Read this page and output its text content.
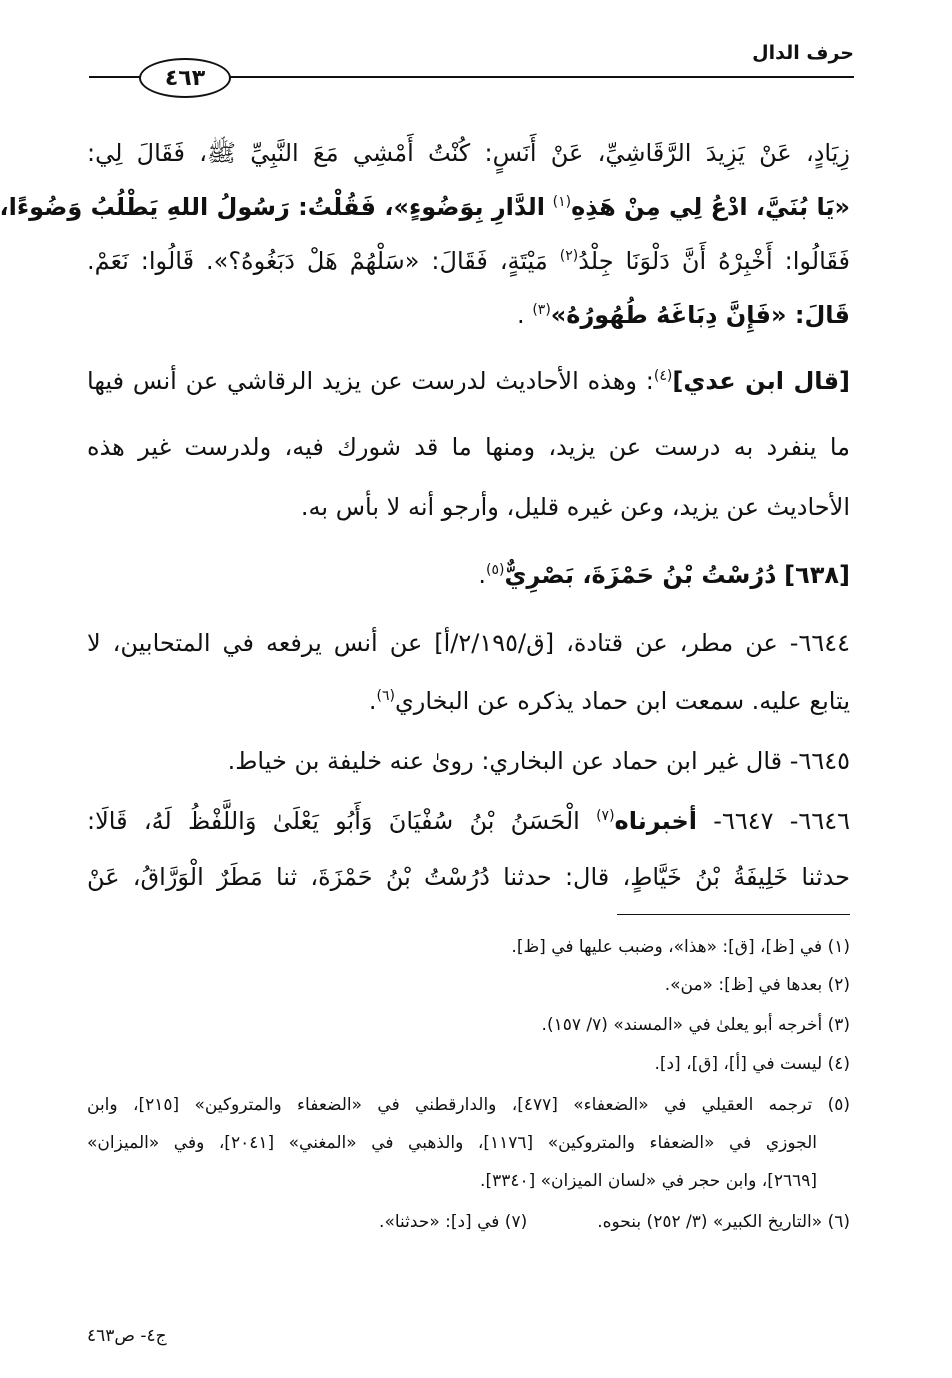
حرف الدال
٤٦٣
زِيَادٍ، عَنْ يَزِيدَ الرَّقَاشِيِّ، عَنْ أَنَسٍ: كُنْتُ أَمْشِي مَعَ النَّبِيِّ ﷺ، فَقَالَ لِي:
«يَا بُنَيَّ، ادْعُ لِي مِنْ هَذِهِ$^{(١)}$ الدَّارِ بِوَضُوءٍ»، فَقُلْتُ: رَسُولُ اللهِ يَطْلُبُ وَضُوءًا،
فَقَالُوا: أَخْبِرْهُ أَنَّ دَلْوَنَا جِلْدُ$^{(٢)}$ مَيْتَةٍ، فَقَالَ: «سَلْهُمْ هَلْ دَبَغُوهُ؟». قَالُوا: نَعَمْ.
قَالَ: «فَإِنَّ دِبَاغَهُ طُهُورُهُ»$^{(٣)}$ .
[قال ابن عدي]$^{(٤)}$: وهذه الأحاديث لدرست عن يزيد الرقاشي عن أنس فيها
ما ينفرد به درست عن يزيد، ومنها ما قد شورك فيه، ولدرست غير هذه
الأحاديث عن يزيد، وعن غيره قليل، وأرجو أنه لا بأس به.
[٦٣٨] دُرُسْتُ بْنُ حَمْزَةَ، بَصْرِيٌّ$^{(٥)}$.
٦٦٤٤- عن مطر، عن قتادة، [ق/٢/١٩٥/أ] عن أنس يرفعه في المتحابين، لا
يتابع عليه. سمعت ابن حماد يذكره عن البخاري$^{(٦)}$.
٦٦٤٥- قال غير ابن حماد عن البخاري: روىٰ عنه خليفة بن خياط.
٦٦٤٦- ٦٦٤٧- أخبرناه$^{(٧)}$ الْحَسَنُ بْنُ سُفْيَانَ وَأَبُو يَعْلَىٰ وَاللَّفْظُ لَهُ، قَالَا:
حدثنا خَلِيفَةُ بْنُ خَيَّاطٍ، قال: حدثنا دُرُسْتُ بْنُ حَمْزَةَ، ثنا مَطَرٌ الْوَرَّاقُ، عَنْ
(١) في [ظ]، [ق]: «هذا»، وضبب عليها في [ظ].
(٢) بعدها في [ظ]: «من».
(٣) أخرجه أبو يعلىٰ في «المسند» (٧/ ١٥٧).
(٤) ليست في [أ]، [ق]، [د].
(٥) ترجمه العقيلي في «الضعفاء» [٤٧٧]، والدارقطني في «الضعفاء والمتروكين» [٢١٥]، وابن
الجوزي في «الضعفاء والمتروكين» [١١٧٦]، والذهبي في «المغني» [٢٠٤١]، وفي «الميزان»
[٢٦٦٩]، وابن حجر في «لسان الميزان» [٣٣٤٠].
(٦) «التاريخ الكبير» (٣/ ٢٥٢) بنحوه.(٧) في [د]: «حدثنا».
ج٤- ص٤٦٣
